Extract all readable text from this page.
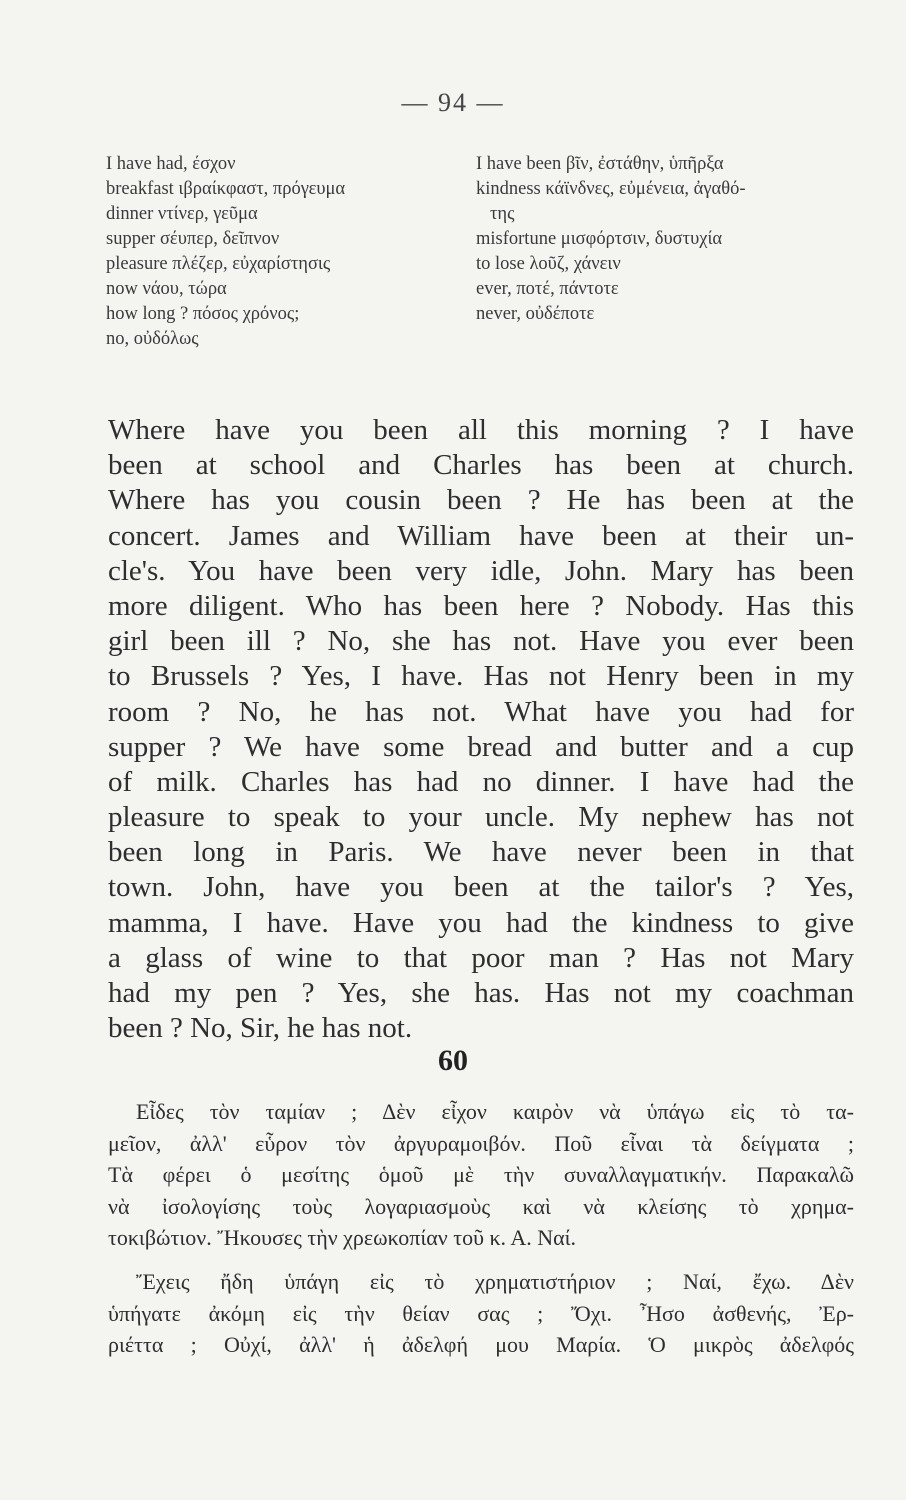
— 94 —
I have had, έσχον
breakfast ιβραίκφαστ, πρόγευμα
dinner ντίνερ, γεῦμα
supper σέυπερ, δεῖπνον
pleasure πλέζερ, εὐχαρίστησις
now νάου, τώρα
how long ? πόσος χρόνος;
no, οὐδόλως
I have been βῖν, ἐστάθην, ὑπῆρξα
kindness κάϊνδνες, εὐμένεια, ἀγαθό-
της
misfortune μισφόρτσιν, δυστυχία
to lose λοῦζ, χάνειν
ever, ποτέ, πάντοτε
never, οὐδέποτε
Where have you been all this morning ? I have
been at school and Charles has been at church.
Where has you cousin been ? He has been at the
concert. James and William have been at their un-
cle's. You have been very idle, John. Mary has been
more diligent. Who has been here ? Nobody. Has this
girl been ill ? No, she has not. Have you ever been
to Brussels ? Yes, I have. Has not Henry been in my
room ? No, he has not. What have you had for
supper ? We have some bread and butter and a cup
of milk. Charles has had no dinner. I have had the
pleasure to speak to your uncle. My nephew has not
been long in Paris. We have never been in that
town. John, have you been at the tailor's ? Yes,
mamma, I have. Have you had the kindness to give
a glass of wine to that poor man ? Has not Mary
had my pen ? Yes, she has. Has not my coachman
been ? No, Sir, he has not.
60
Εἶδες τὸν ταμίαν ; Δὲν εἶχον καιρὸν νὰ ὑπάγω εἰς τὸ τα-
μεῖον, ἀλλ' εὗρον τὸν ἀργυραμοιβόν. Ποῦ εἶναι τὰ δείγματα ;
Τὰ φέρει ὁ μεσίτης ὁμοῦ μὲ τὴν συναλλαγματικήν. Παρακαλῶ
νὰ ἰσολογίσης τοὺς λογαριασμοὺς καὶ νὰ κλείσης τὸ χρημα-
τοκιβώτιον. Ἤκουσες τὴν χρεωκοπίαν τοῦ κ. Α. Ναί.
Ἔχεις ἤδη ὑπάγη εἰς τὸ χρηματιστήριον ; Ναί, ἔχω. Δὲν
ὑπήγατε ἀκόμη εἰς τὴν θείαν σας ; Ὄχι. Ἦσο ἀσθενής, Ἐρ-
ριέττα ; Οὐχί, ἀλλ' ἡ ἀδελφή μου Μαρία. Ὁ μικρὸς ἀδελφός
